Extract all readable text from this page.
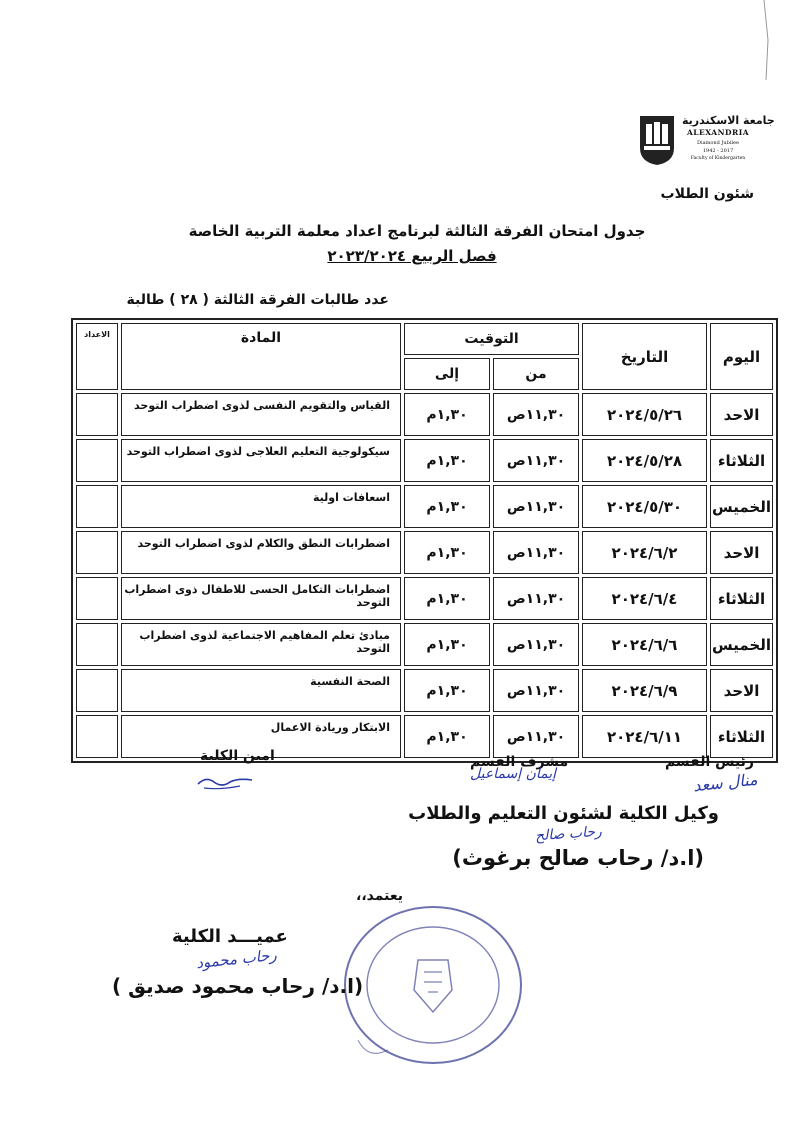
جامعة الاسكندرية
ALEXANDRIA
Diamond Jubilee
1942 - 2017
Faculty of Kindergarten
شئون الطلاب
جدول امتحان الفرقة الثالثة لبرنامج اعداد معلمة التربية الخاصة
فصل الربيع ٢٠٢٣/٢٠٢٤
عدد طالبات الفرقة الثالثة ( ٢٨ ) طالبة
اليوم	التاريخ	التوقيت		المادة	الاعداد
		من	إلى		
الاحد	٢٠٢٤/٥/٢٦	١١,٣٠ص	١,٣٠م	القياس والتقويم النفسى لذوى اضطراب التوحد	
الثلاثاء	٢٠٢٤/٥/٢٨	١١,٣٠ص	١,٣٠م	سيكولوجية التعليم العلاجى لذوى اضطراب التوحد	
الخميس	٢٠٢٤/٥/٣٠	١١,٣٠ص	١,٣٠م	اسعافات اولية	
الاحد	٢٠٢٤/٦/٢	١١,٣٠ص	١,٣٠م	اضطرابات النطق والكلام لذوى اضطراب التوحد	
الثلاثاء	٢٠٢٤/٦/٤	١١,٣٠ص	١,٣٠م	اضطرابات التكامل الحسى للاطفال ذوى اضطراب التوحد	
الخميس	٢٠٢٤/٦/٦	١١,٣٠ص	١,٣٠م	مبادئ تعلم المفاهيم الاجتماعية لذوى اضطراب التوحد	
الاحد	٢٠٢٤/٦/٩	١١,٣٠ص	١,٣٠م	الصحة النفسية	
الثلاثاء	٢٠٢٤/٦/١١	١١,٣٠ص	١,٣٠م	الابتكار وريادة الاعمال	
رئيس القسم
مشرف القسم
امين الكلية
منال سعد
إيمان إسماعيل
وكيل الكلية لشئون التعليم والطلاب
رحاب صالح
(ا.د/ رحاب صالح برغوث)
يعتمد،،
عميـــد الكلية
رحاب محمود
(ا.د/ رحاب محمود صديق )
